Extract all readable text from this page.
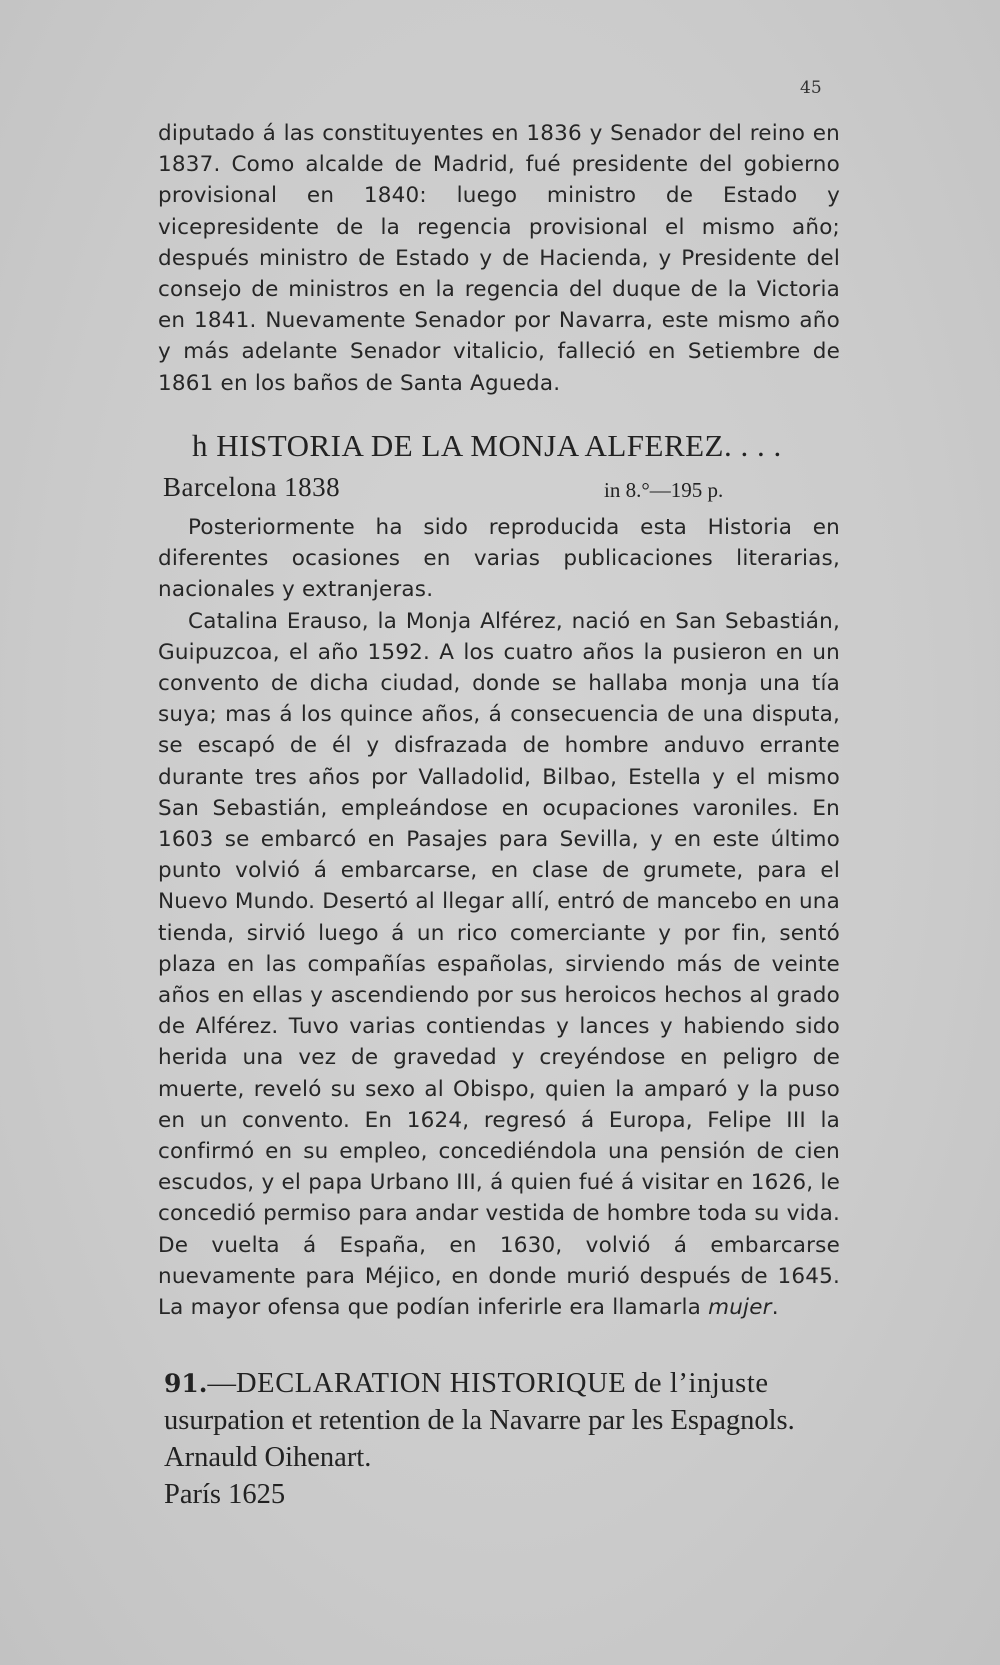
45

diputado á las constituyentes en 1836 y Senador del reino en 1837. Como alcalde de Madrid, fué presidente del gobierno provisional en 1840: luego ministro de Estado y vicepresidente de la regencia provisional el mismo año; después ministro de Estado y de Hacienda, y Presidente del consejo de ministros en la regencia del duque de la Victoria en 1841. Nuevamente Senador por Navarra, este mismo año y más adelante Senador vitalicio, falleció en Setiembre de 1861 en los baños de Santa Agueda.

h HISTORIA DE LA MONJA ALFEREZ. . . .
Barcelona 1838	in 8.°—195 p.

Posteriormente ha sido reproducida esta Historia en diferentes ocasiones en varias publicaciones literarias, nacionales y extranjeras.

Catalina Erauso, la Monja Alférez, nació en San Sebastián, Guipuzcoa, el año 1592. A los cuatro años la pusieron en un convento de dicha ciudad, donde se hallaba monja una tía suya; mas á los quince años, á consecuencia de una disputa, se escapó de él y disfrazada de hombre anduvo errante durante tres años por Valladolid, Bilbao, Estella y el mismo San Sebastián, empleándose en ocupaciones varoniles. En 1603 se embarcó en Pasajes para Sevilla, y en este último punto volvió á embarcarse, en clase de grumete, para el Nuevo Mundo. Desertó al llegar allí, entró de mancebo en una tienda, sirvió luego á un rico comerciante y por fin, sentó plaza en las compañías españolas, sirviendo más de veinte años en ellas y ascendiendo por sus heroicos hechos al grado de Alférez. Tuvo varias contiendas y lances y habiendo sido herida una vez de gravedad y creyéndose en peligro de muerte, reveló su sexo al Obispo, quien la amparó y la puso en un convento. En 1624, regresó á Europa, Felipe III la confirmó en su empleo, concediéndola una pensión de cien escudos, y el papa Urbano III, á quien fué á visitar en 1626, le concedió permiso para andar vestida de hombre toda su vida. De vuelta á España, en 1630, volvió á embarcarse nuevamente para Méjico, en donde murió después de 1645. La mayor ofensa que podían inferirle era llamarla mujer.

91.—DECLARATION HISTORIQUE de l’injuste
usurpation et retention de la Navarre par les Espagnols.
Arnauld Oihenart.
París 1625
